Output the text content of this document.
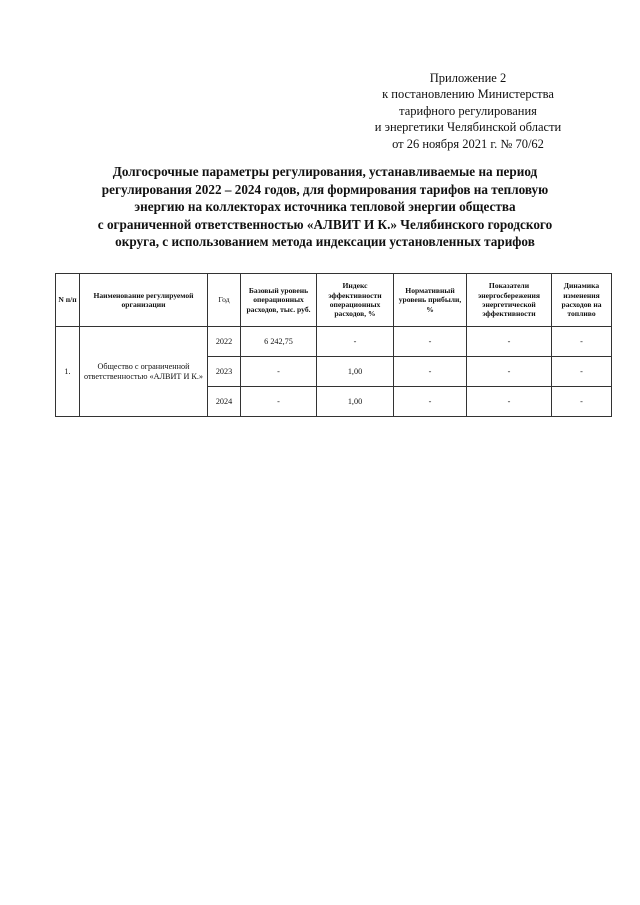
Приложение 2
к постановлению Министерства
тарифного регулирования
и энергетики Челябинской области
от 26 ноября 2021 г. № 70/62
Долгосрочные параметры регулирования, устанавливаемые на период
регулирования 2022 – 2024 годов, для формирования тарифов на тепловую
энергию на коллекторах источника тепловой энергии общества
с ограниченной ответственностью «АЛВИТ И К.» Челябинского городского
округа, с использованием метода индексации установленных тарифов
N п/п	Наименование регулируемой организации	Год	Базовый уровень операционных расходов, тыс. руб.	Индекс эффективности операционных расходов, %	Нормативный уровень прибыли, %	Показатели энергосбережения энергетической эффективности	Динамика изменения расходов на топливо
1.	Общество с ограниченной ответственностью «АЛВИТ И К.»	2022	6 242,75	-	-	-	-
		2023	-	1,00	-	-	-
		2024	-	1,00	-	-	-
